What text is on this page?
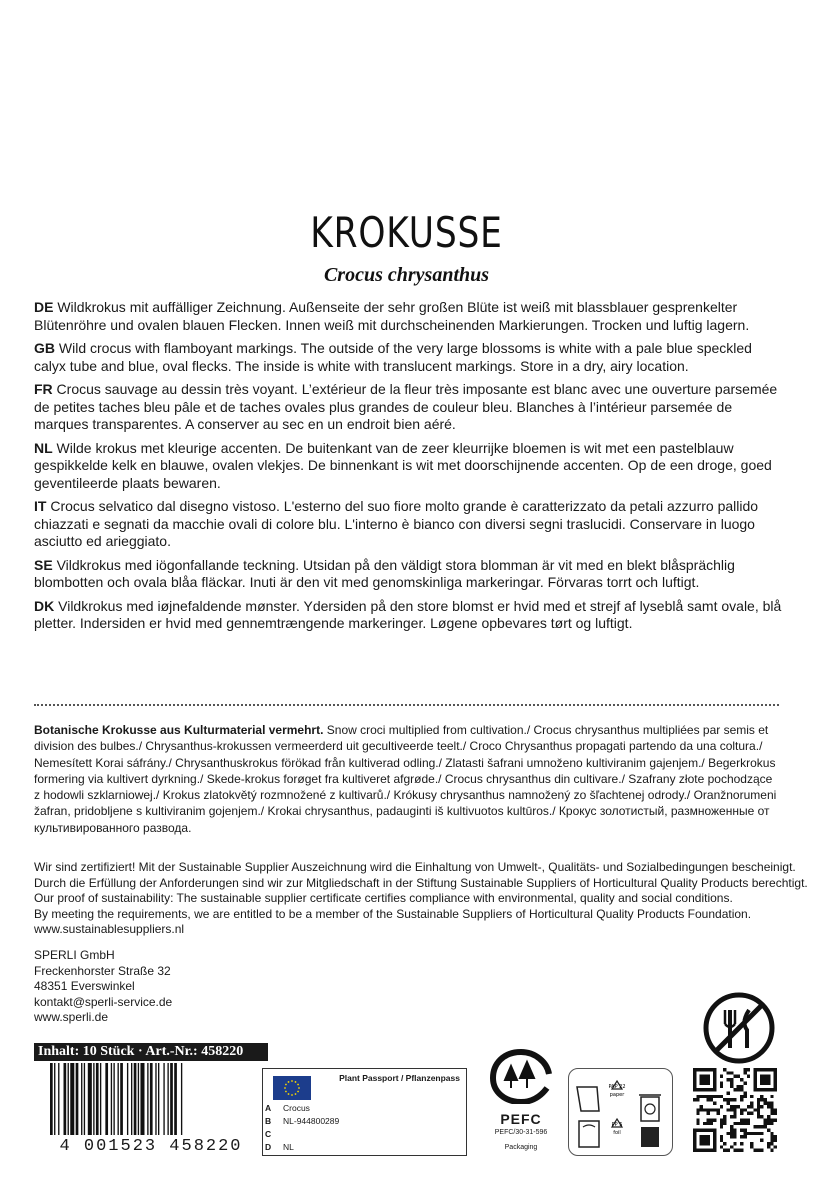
KROKUSSE
Crocus chrysanthus

DE Wildkrokus mit auffälliger Zeichnung. Außenseite der sehr großen Blüte ist weiß mit blassblauer gesprenkelter Blütenröhre und ovalen blauen Flecken. Innen weiß mit durchscheinenden Markierungen. Trocken und luftig lagern.

GB Wild crocus with flamboyant markings. The outside of the very large blossoms is white with a pale blue speckled calyx tube and blue, oval flecks. The inside is white with translucent markings. Store in a dry, airy location.

FR Crocus sauvage au dessin très voyant. L’extérieur de la fleur très imposante est blanc avec une ouverture parsemée de petites taches bleu pâle et de taches ovales plus grandes de couleur bleu. Blanches à l’intérieur parsemée de marques transparentes. A conserver au sec en un endroit bien aéré.

NL Wilde krokus met kleurige accenten. De buitenkant van de zeer kleurrijke bloemen is wit met een pastelblauw gespikkelde kelk en blauwe, ovalen vlekjes. De binnenkant is wit met doorschijnende accenten. Op de een droge, goed geventileerde plaats bewaren.

IT Crocus selvatico dal disegno vistoso. L'esterno del suo fiore molto grande è caratterizzato da petali azzurro pallido chiazzati e segnati da macchie ovali di colore blu. L'interno è bianco con diversi segni traslucidi. Conservare in luogo asciutto ed arieggiato.

SE Vildkrokus med iögonfallande teckning. Utsidan på den väldigt stora blomman är vit med en blekt blåsprächlig blombotten och ovala blåa fläckar. Inuti är den vit med genomskinliga markeringar. Förvaras torrt och luftigt.

DK Vildkrokus med iøjnefaldende mønster. Ydersiden på den store blomst er hvid med et strejf af lyseblå samt ovale, blå pletter. Indersiden er hvid med gennemtrængende markeringer. Løgene opbevares tørt og luftigt.

Botanische Krokusse aus Kulturmaterial vermehrt. Snow croci multiplied from cultivation./ Crocus chrysanthus multipliées par semis et division des bulbes./ Chrysanthus-krokussen vermeerderd uit gecultiveerde teelt./ Croco Chrysanthus propagati partendo da una coltura./ Nemesített Korai sáfrány./ Chrysanthuskrokus förökad från kultiverad odling./ Zlatasti šafrani umnoženo kultiviranim gajenjem./ Begerkrokus formering via kultivert dyrkning./ Skede-krokus forøget fra kultiveret afgrøde./ Crocus chrysanthus din cultivare./ Szafrany złote pochodzące z hodowli szklarniowej./ Krokus zlatokvětý rozmnožené z kultivarů./ Krókusy chrysanthus namnožený zo šľachtenej odrody./ Oranžnorumeni žafran, pridobljene s kultiviranim gojenjem./ Krokai chrysanthus, padauginti iš kultivuotos kultūros./ Крокус золотистый, размноженные от культивированного развода.
Wir sind zertifiziert! Mit der Sustainable Supplier Auszeichnung wird die Einhaltung von Umwelt-, Qualitäts- und Sozialbedingungen bescheinigt.
Durch die Erfüllung der Anforderungen sind wir zur Mitgliedschaft in der Stiftung Sustainable Suppliers of Horticultural Quality Products berechtigt.
Our proof of sustainability: The sustainable supplier certificate certifies compliance with environmental, quality and social conditions.
By meeting the requirements, we are entitled to be a member of the Sustainable Suppliers of Horticultural Quality Products Foundation.
www.sustainablesuppliers.nl
SPERLI GmbH
Freckenhorster Straße 32
48351 Everswinkel
kontakt@sperli-service.de
www.sperli.de
Inhalt: 10 Stück · Art.-Nr.: 458220
4 001523 458220
Plant Passport / Pflanzenpass
A Crocus
B NL-944800289
C
D NL
PEFC
PEFC/30-31-596
Packaging
PAP 22
paper
PP 5
foil
